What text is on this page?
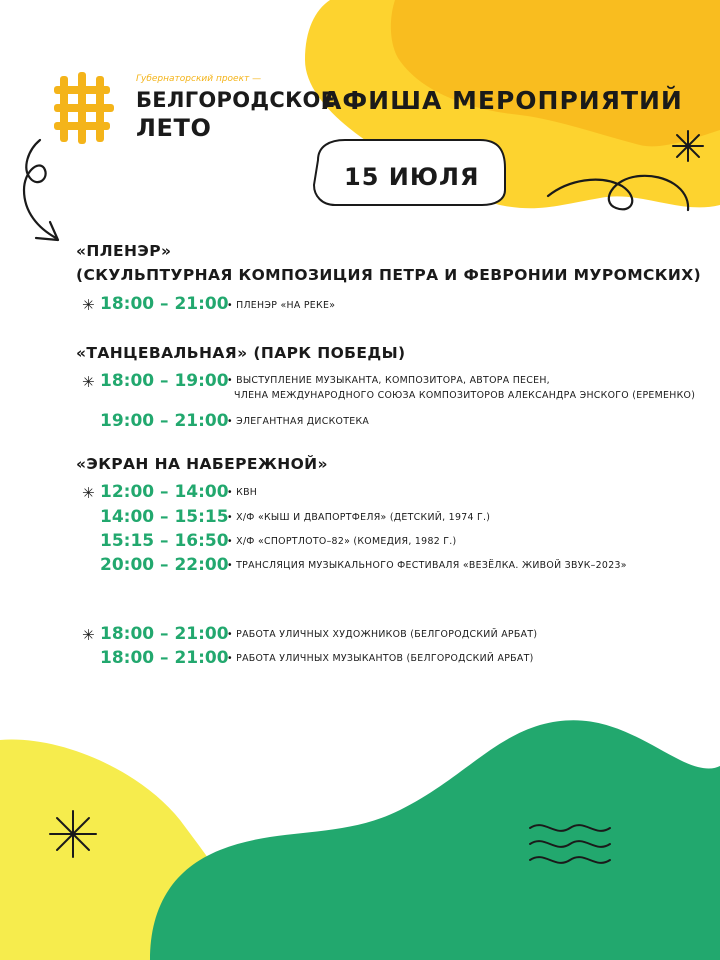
Губернаторский проект —
БЕЛГОРОДСКОЕ
ЛЕТО
АФИША МЕРОПРИЯТИЙ
15 ИЮЛЯ
«ПЛЕНЭР»
(СКУЛЬПТУРНАЯ КОМПОЗИЦИЯ ПЕТРА И ФЕВРОНИИ МУРОМСКИХ)
✳ 18:00 – 21:00
• ПЛЕНЭР «НА РЕКЕ»
«ТАНЦЕВАЛЬНАЯ» (ПАРК ПОБЕДЫ)
✳ 18:00 – 19:00
• ВЫСТУПЛЕНИЕ МУЗЫКАНТА, КОМПОЗИТОРА, АВТОРА ПЕСЕН,
ЧЛЕНА МЕЖДУНАРОДНОГО СОЮЗА КОМПОЗИТОРОВ АЛЕКСАНДРА ЭНСКОГО (ЕРЕМЕНКО)
19:00 – 21:00
• ЭЛЕГАНТНАЯ ДИСКОТЕКА
«ЭКРАН НА НАБЕРЕЖНОЙ»
✳ 12:00 – 14:00
• КВН
14:00 – 15:15
• Х/Ф «КЫШ И ДВАПОРТФЕЛЯ» (ДЕТСКИЙ, 1974 Г.)
15:15 – 16:50
• Х/Ф «СПОРТЛОТО–82» (КОМЕДИЯ, 1982 Г.)
20:00 – 22:00
• ТРАНСЛЯЦИЯ МУЗЫКАЛЬНОГО ФЕСТИВАЛЯ «ВЕЗЁЛКА. ЖИВОЙ ЗВУК–2023»
✳ 18:00 – 21:00
• РАБОТА УЛИЧНЫХ ХУДОЖНИКОВ (БЕЛГОРОДСКИЙ АРБАТ)
18:00 – 21:00
• РАБОТА УЛИЧНЫХ МУЗЫКАНТОВ (БЕЛГОРОДСКИЙ АРБАТ)
